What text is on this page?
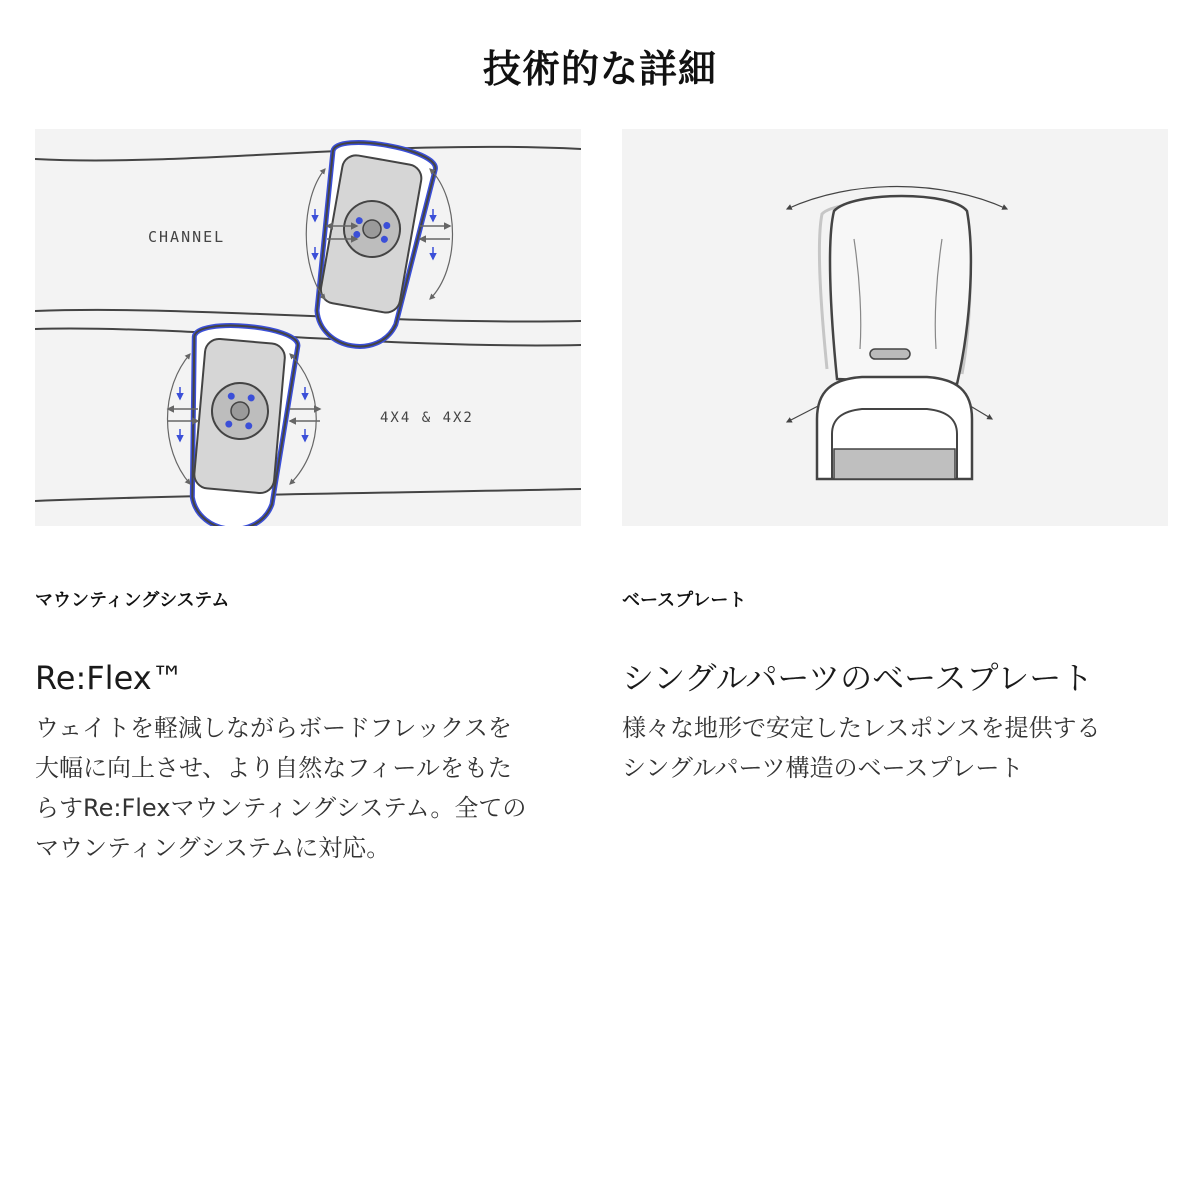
技術的な詳細
CHANNEL
4X4 & 4X2
マウンティングシステム
Re:Flex™
ウェイトを軽減しながらボードフレックスを
大幅に向上させ、より自然なフィールをもた
らすRe:Flexマウンティングシステム。全ての
マウンティングシステムに対応。
ベースプレート
シングルパーツのベースプレート
様々な地形で安定したレスポンスを提供する
シングルパーツ構造のベースプレート
